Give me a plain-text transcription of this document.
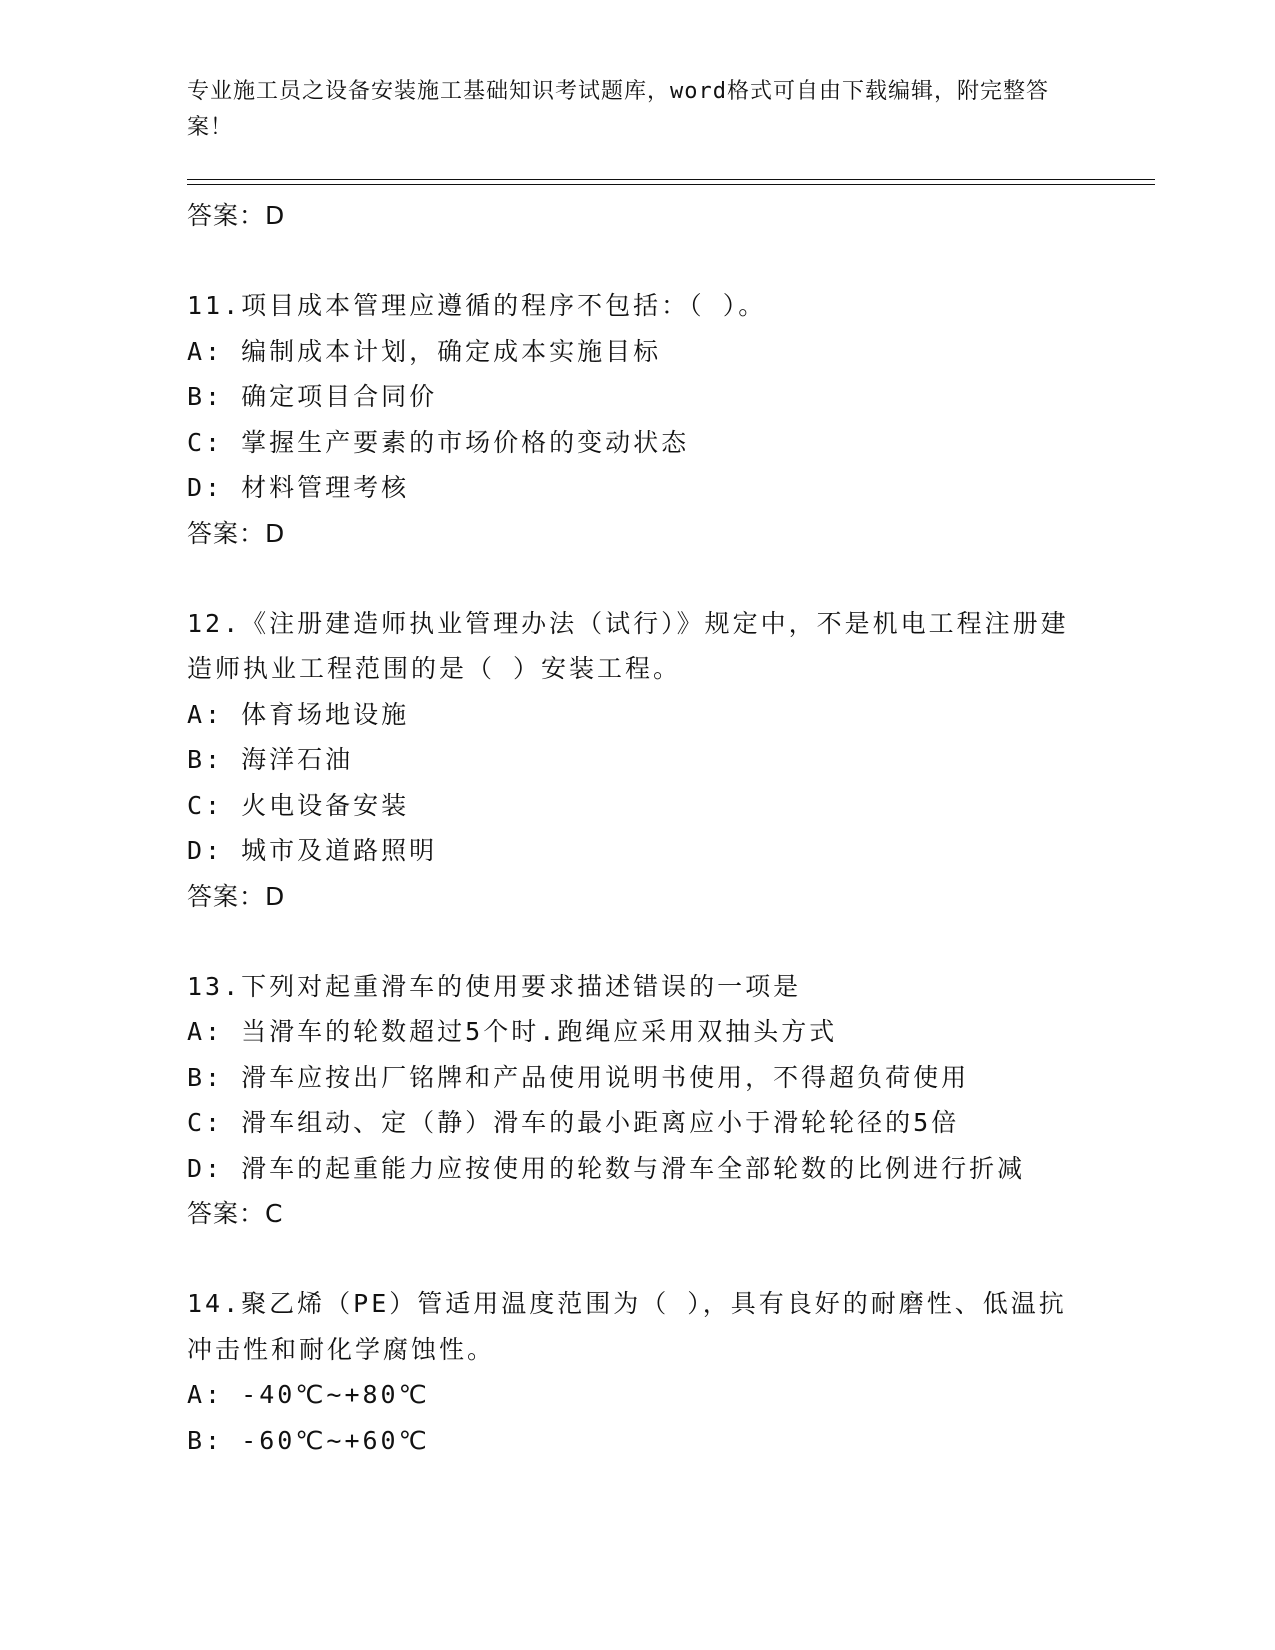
专业施工员之设备安装施工基础知识考试题库，word格式可自由下载编辑，附完整答案！
答案：D
11.项目成本管理应遵循的程序不包括：（ ）。
A: 编制成本计划，确定成本实施目标
B: 确定项目合同价
C: 掌握生产要素的市场价格的变动状态
D: 材料管理考核
答案：D
12.《注册建造师执业管理办法（试行）》规定中，不是机电工程注册建造师执业工程范围的是（ ）安装工程。
A: 体育场地设施
B: 海洋石油
C: 火电设备安装
D: 城市及道路照明
答案：D
13.下列对起重滑车的使用要求描述错误的一项是
A: 当滑车的轮数超过5个时.跑绳应采用双抽头方式
B: 滑车应按出厂铭牌和产品使用说明书使用，不得超负荷使用
C: 滑车组动、定（静）滑车的最小距离应小于滑轮轮径的5倍
D: 滑车的起重能力应按使用的轮数与滑车全部轮数的比例进行折减
答案：C
14.聚乙烯（PE）管适用温度范围为（ ），具有良好的耐磨性、低温抗冲击性和耐化学腐蚀性。
A: -40℃~+80℃
B: -60℃~+60℃
